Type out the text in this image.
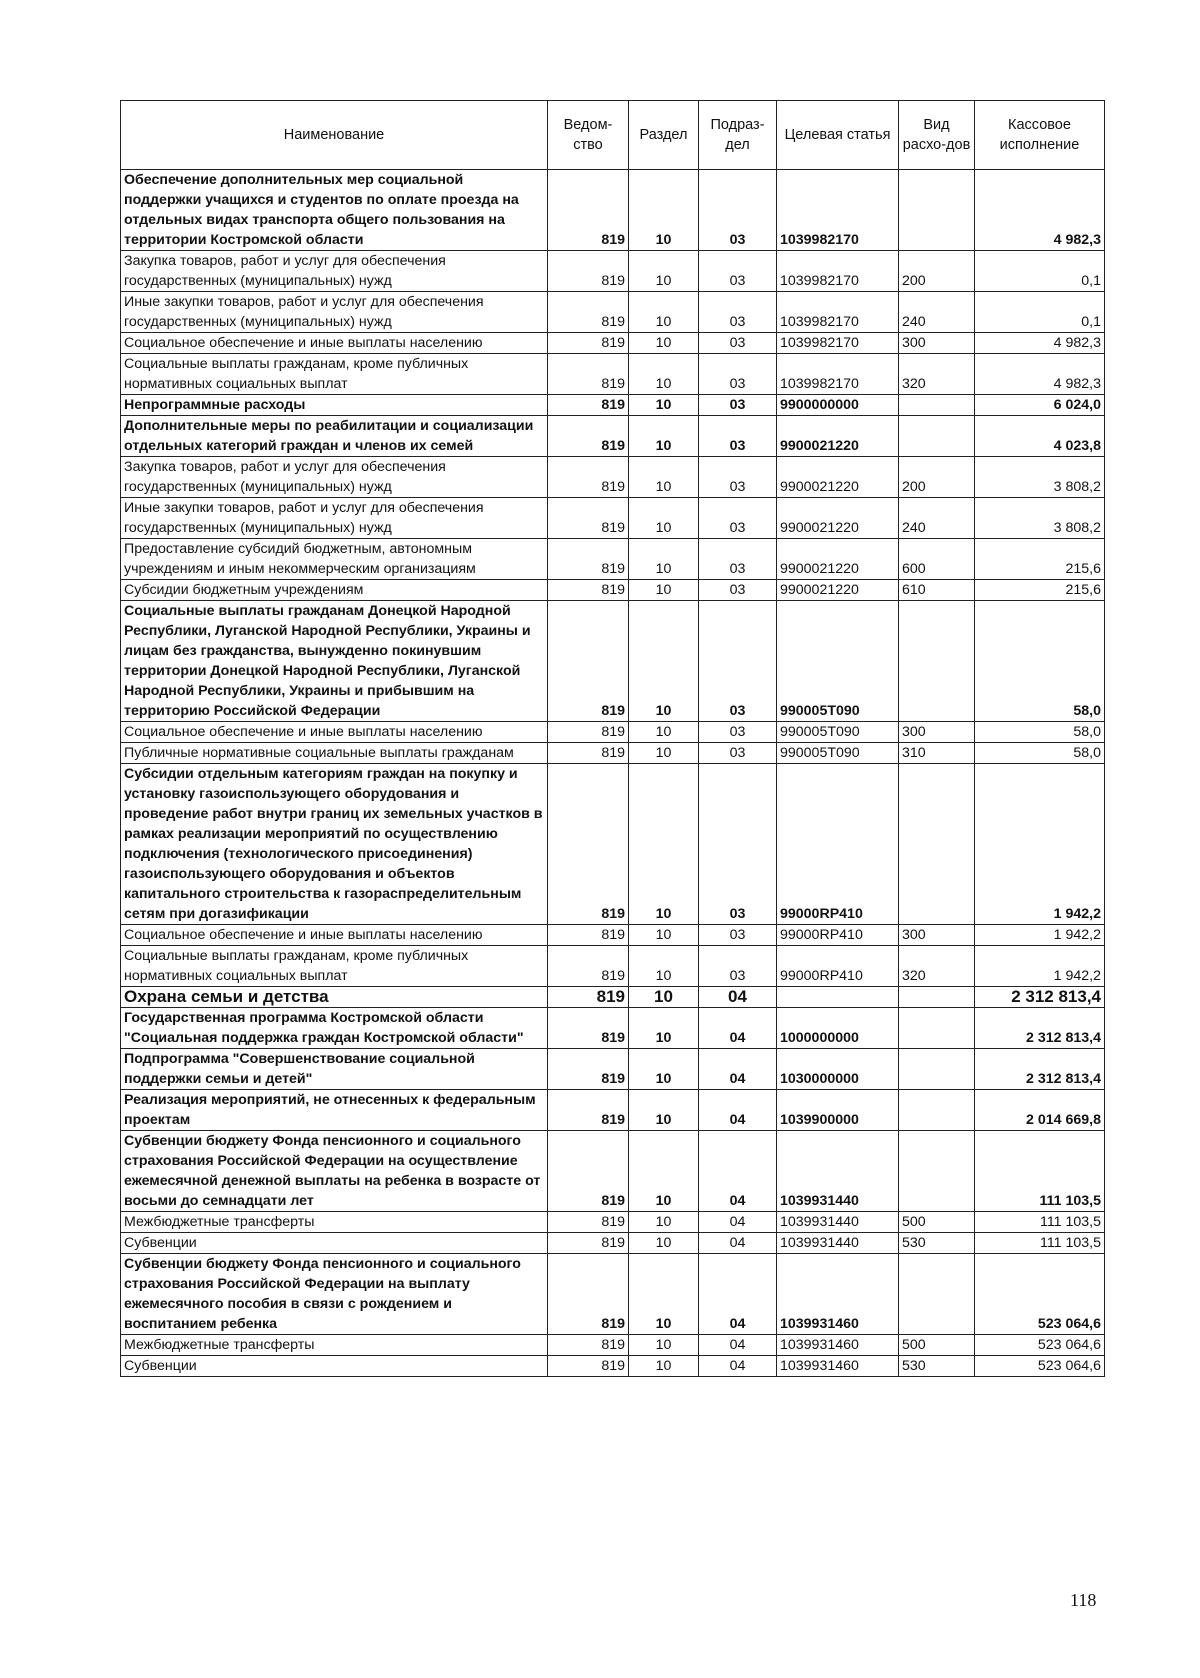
Наименование	Ведом-ство	Раздел	Подраз-дел	Целевая статья	Вид расхо-дов	Кассовое исполнение
Обеспечение дополнительных мер социальной поддержки учащихся и студентов по оплате проезда на отдельных видах транспорта общего пользования на территории Костромской области	819	10	03	1039982170		4 982,3
Закупка товаров, работ и услуг для обеспечения государственных (муниципальных) нужд	819	10	03	1039982170	200	0,1
Иные закупки товаров, работ и услуг для обеспечения государственных (муниципальных) нужд	819	10	03	1039982170	240	0,1
Социальное обеспечение и иные выплаты населению	819	10	03	1039982170	300	4 982,3
Социальные выплаты гражданам, кроме публичных нормативных социальных выплат	819	10	03	1039982170	320	4 982,3
Непрограммные расходы	819	10	03	9900000000		6 024,0
Дополнительные меры по реабилитации и социализации отдельных категорий граждан и членов их семей	819	10	03	9900021220		4 023,8
Закупка товаров, работ и услуг для обеспечения государственных (муниципальных) нужд	819	10	03	9900021220	200	3 808,2
Иные закупки товаров, работ и услуг для обеспечения государственных (муниципальных) нужд	819	10	03	9900021220	240	3 808,2
Предоставление субсидий бюджетным, автономным учреждениям и иным некоммерческим организациям	819	10	03	9900021220	600	215,6
Субсидии бюджетным учреждениям	819	10	03	9900021220	610	215,6
Социальные выплаты гражданам Донецкой Народной Республики, Луганской Народной Республики, Украины и лицам без гражданства, вынужденно покинувшим территории Донецкой Народной Республики, Луганской Народной Республики, Украины и прибывшим на территорию Российской Федерации	819	10	03	990005T090		58,0
Социальное обеспечение и иные выплаты населению	819	10	03	990005T090	300	58,0
Публичные нормативные социальные выплаты гражданам	819	10	03	990005T090	310	58,0
Субсидии отдельным категориям граждан на покупку и установку газоиспользующего оборудования и проведение работ внутри границ их земельных участков в рамках реализации мероприятий по осуществлению подключения (технологического присоединения) газоиспользующего оборудования и объектов капитального строительства к газораспределительным сетям при догазификации	819	10	03	99000RP410		1 942,2
Социальное обеспечение и иные выплаты населению	819	10	03	99000RP410	300	1 942,2
Социальные выплаты гражданам, кроме публичных нормативных социальных выплат	819	10	03	99000RP410	320	1 942,2
Охрана семьи и детства	819	10	04			2 312 813,4
Государственная программа Костромской области "Социальная поддержка граждан Костромской области"	819	10	04	1000000000		2 312 813,4
Подпрограмма "Совершенствование социальной поддержки семьи и детей"	819	10	04	1030000000		2 312 813,4
Реализация мероприятий, не отнесенных к федеральным проектам	819	10	04	1039900000		2 014 669,8
Субвенции бюджету Фонда пенсионного и социального страхования Российской Федерации на осуществление ежемесячной денежной выплаты на ребенка в возрасте от восьми до семнадцати лет	819	10	04	1039931440		111 103,5
Межбюджетные трансферты	819	10	04	1039931440	500	111 103,5
Субвенции	819	10	04	1039931440	530	111 103,5
Субвенции бюджету Фонда пенсионного и социального страхования Российской Федерации на выплату ежемесячного пособия в связи с рождением и воспитанием ребенка	819	10	04	1039931460		523 064,6
Межбюджетные трансферты	819	10	04	1039931460	500	523 064,6
Субвенции	819	10	04	1039931460	530	523 064,6
118
